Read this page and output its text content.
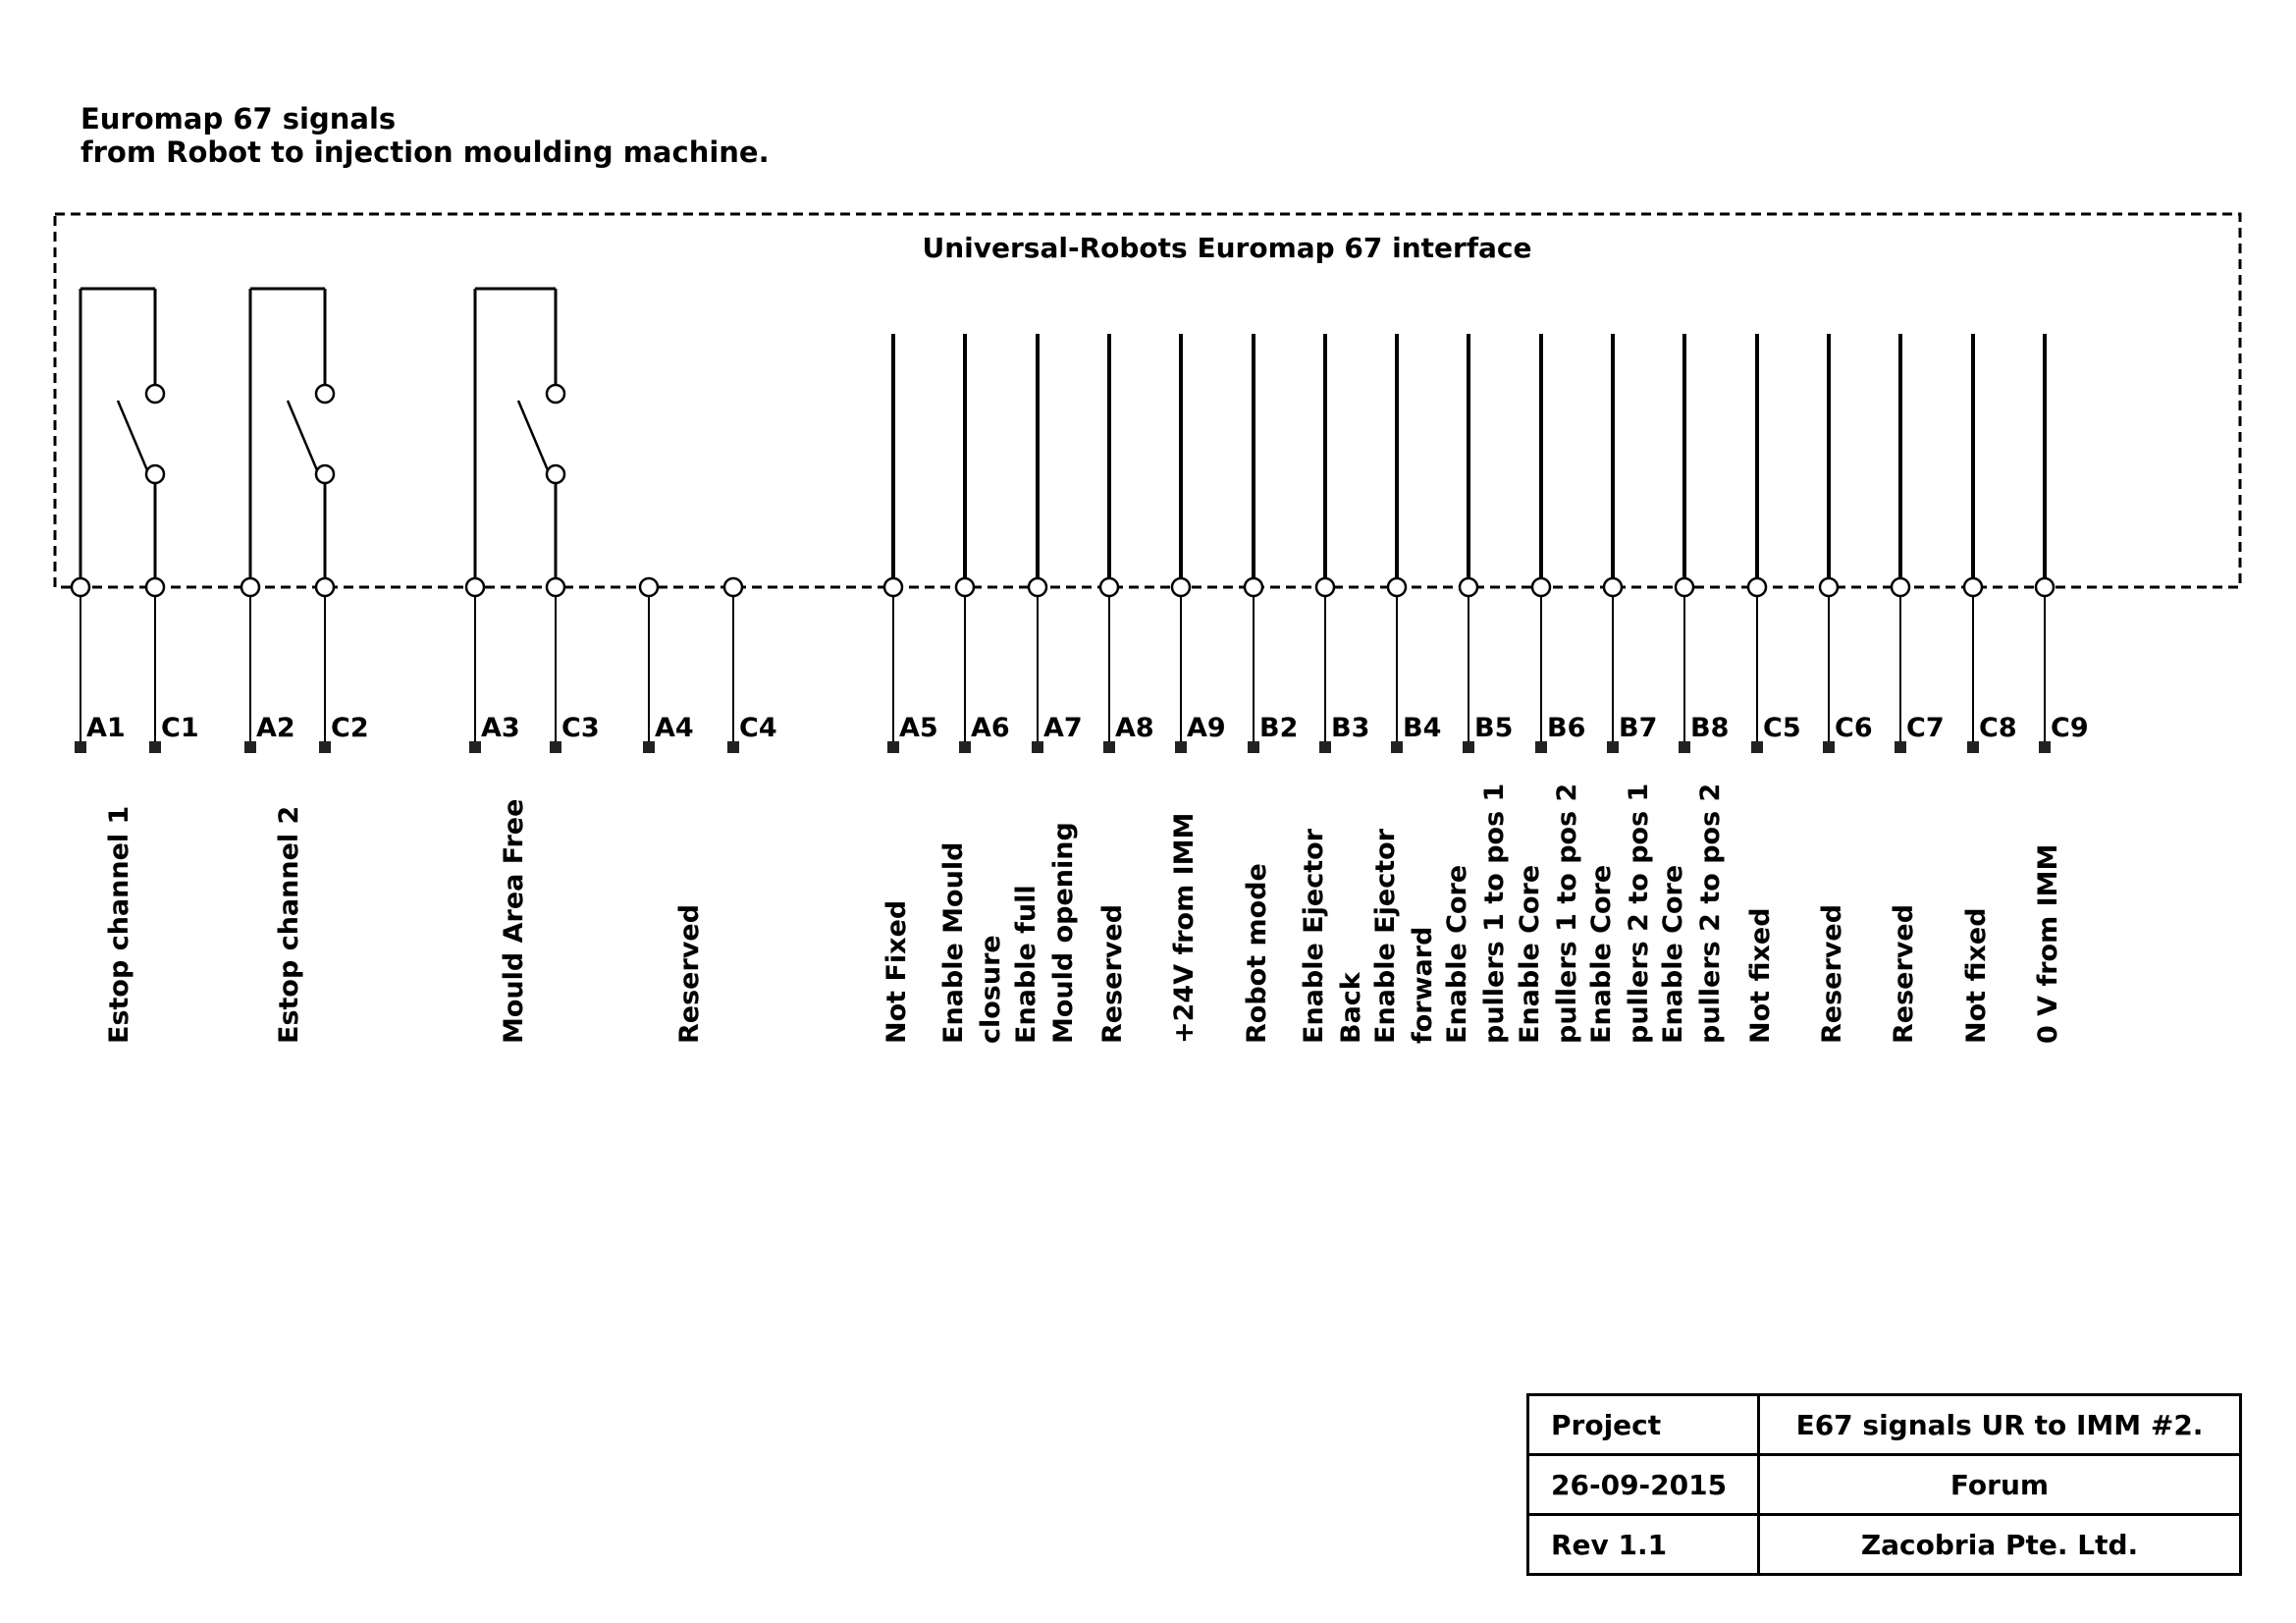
Euromap 67 signals
from Robot to injection moulding machine.
Universal-Robots Euromap 67 interface
A1 C1
Estop channel 1
A2 C2
Estop channel 2
A3 C3
Mould Area Free
A4 C4
Reserved
A5
Not Fixed
A6
Enable Mould closure
A7
Enable full Mould opening
A8
Reserved
A9
+24V from IMM
B2
Robot mode
B3
Enable Ejector Back
B4
Enable Ejector forward
B5
Enable Core pullers 1 to pos 1
B6
Enable Core pullers 1 to pos 2
B7
Enable Core pullers 2 to pos 1
B8
Enable Core pullers 2 to pos 2
C5
Not fixed
C6
Reserved
C7
Reserved
C8
Not fixed
C9
0 V from IMM
Project	E67 signals UR to IMM #2.
26-09-2015	Forum
Rev 1.1	Zacobria Pte. Ltd.
